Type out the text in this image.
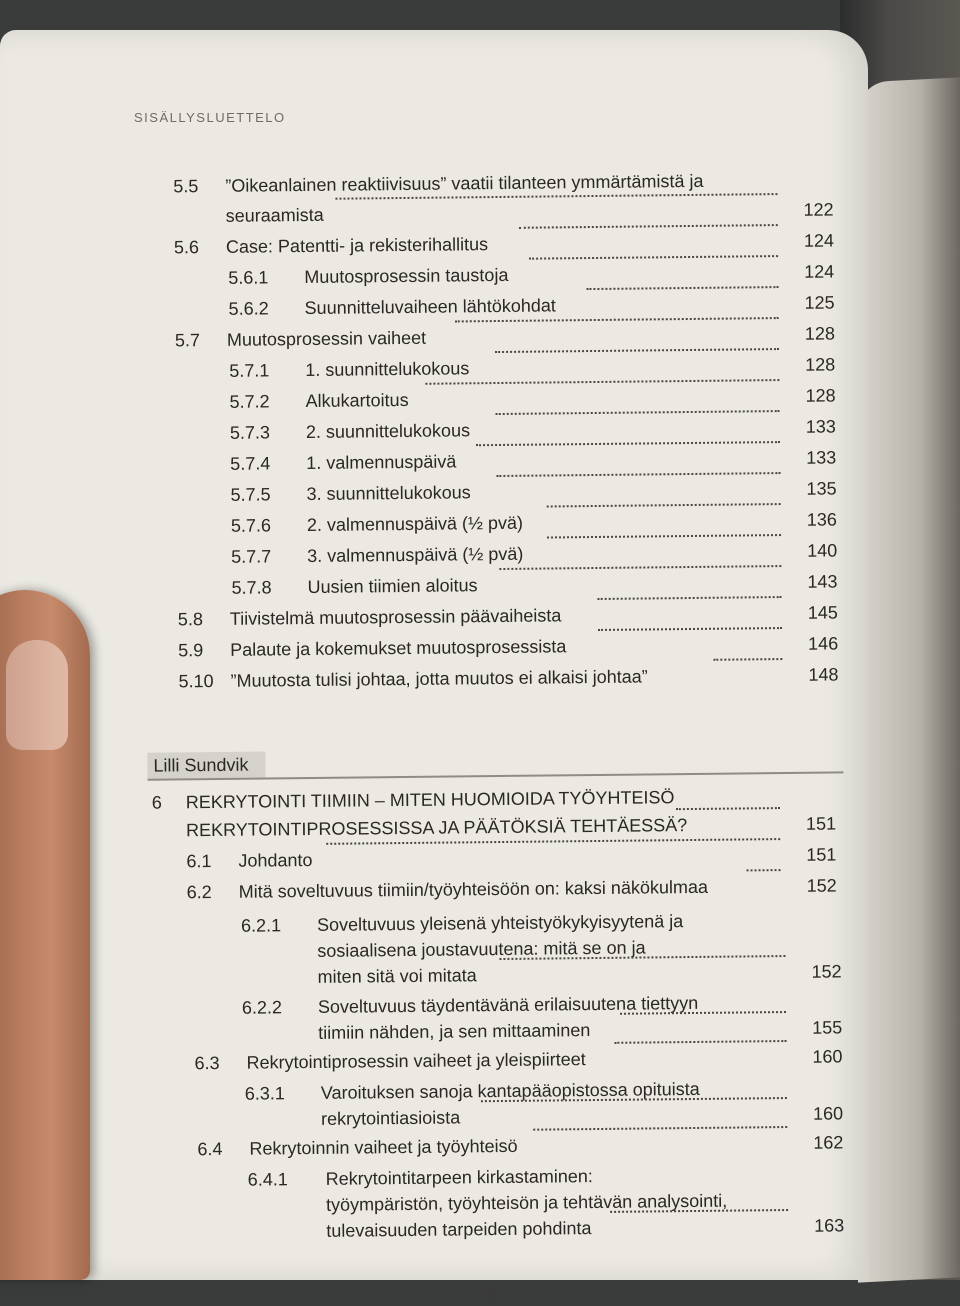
SISÄLLYSLUETTELO
5.5 ”Oikeanlainen reaktiivisuus” vaatii tilanteen ymmärtämistä ja
seuraamista	122
5.6 Case: Patentti- ja rekisterihallitus	124
5.6.1 Muutosprosessin taustoja	124
5.6.2 Suunnitteluvaiheen lähtökohdat	125
5.7 Muutosprosessin vaiheet	128
5.7.1 1. suunnittelukokous	128
5.7.2 Alkukartoitus	128
5.7.3 2. suunnittelukokous	133
5.7.4 1. valmennuspäivä	133
5.7.5 3. suunnittelukokous	135
5.7.6 2. valmennuspäivä (½ pvä)	136
5.7.7 3. valmennuspäivä (½ pvä)	140
5.7.8 Uusien tiimien aloitus	143
5.8 Tiivistelmä muutosprosessin päävaiheista	145
5.9 Palaute ja kokemukset muutosprosessista	146
5.10 ”Muutosta tulisi johtaa, jotta muutos ei alkaisi johtaa”	148
Lilli Sundvik
6 REKRYTOINTI TIIMIIN – MITEN HUOMIOIDA TYÖYHTEISÖ
REKRYTOINTIPROSESSISSA JA PÄÄTÖKSIÄ TEHTÄESSÄ?	151
6.1 Johdanto	151
6.2 Mitä soveltuvuus tiimiin/työyhteisöön on: kaksi näkökulmaa	152
6.2.1 Soveltuvuus yleisenä yhteistyökykyisyytenä ja
sosiaalisena joustavuutena: mitä se on ja
miten sitä voi mitata	152
6.2.2 Soveltuvuus täydentävänä erilaisuutena tiettyyn
tiimiin nähden, ja sen mittaaminen	155
6.3 Rekrytointiprosessin vaiheet ja yleispiirteet	160
6.3.1 Varoituksen sanoja kantapääopistossa opituista
rekrytointiasioista	160
6.4 Rekrytoinnin vaiheet ja työyhteisö	162
6.4.1 Rekrytointitarpeen kirkastaminen:
työympäristön, työyhteisön ja tehtävän analysointi,
tulevaisuuden tarpeiden pohdinta	163
6
